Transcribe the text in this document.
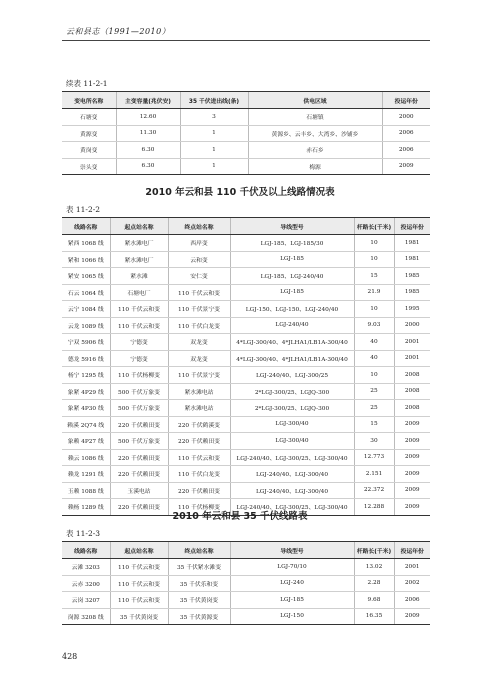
云和县志（1991—2010）
续表 11-2-1
变电所名称	主变容量(兆伏安)	35 千伏进出线(条)	供电区域	投运年份
石塘变	12.60	3	石塘镇	2000
黄源变	11.30	1	黄源乡、云丰乡、大湾乡、沙铺乡	2006
黄岗变	6.30	1	赤石乡	2006
崇头变	6.30	1	梅源	2009
2010 年云和县 110 千伏及以上线路情况表
表 11-2-2
线路名称	起点站名称	终点站名称	导线型号	杆路长(千米)	投运年份
紧西 1068 线	紧水滩电厂	西岸变	LGJ-185、LGJ-185/30	10	1981
紧和 1066 线	紧水滩电厂	云和变	LGJ-185	10	1981
紧安 1065 线	紧水滩	安仁变	LGJ-185、LGJ-240/40	15	1985
石云 1064 线	石塘电厂	110 千伏云和变	LGJ-185	21.9	1985
云宁 1084 线	110 千伏云和变	110 千伏景宁变	LGJ-150、LGJ-150、LGJ-240/40	10	1995
云龙 1089 线	110 千伏云和变	110 千伏白龙变	LGJ-240/40	9.03	2000
宁双 5906 线	宁德变	双龙变	4*LGJ-300/40、4*JLHA1/LB1A-300/40	40	2001
德龙 5916 线	宁德变	双龙变	4*LGJ-300/40、4*JLHA1/LB1A-300/40	40	2001
杨宁 1295 线	110 千伏杨柳变	110 千伏景宁变	LGJ-240/40、LGJ-300/25	10	2008
象紧 4P29 线	500 千伏万象变	紧水滩电站	2*LGJ-300/25、LGJQ-300	25	2008
象紧 4P30 线	500 千伏万象变	紧水滩电站	2*LGJ-300/25、LGJQ-300	25	2008
赖溪 2Q74 线	220 千伏赖田变	220 千伏鹤溪变	LGJ-300/40	15	2009
象赖 4P27 线	500 千伏万象变	220 千伏赖田变	LGJ-300/40	30	2009
赖云 1086 线	220 千伏赖田变	110 千伏云和变	LGJ-240/40、LGJ-300/25、LGJ-300/40	12.773	2009
赖龙 1291 线	220 千伏赖田变	110 千伏白龙变	LGJ-240/40、LGJ-300/40	2.151	2009
玉赖 1088 线	玉溪电站	220 千伏赖田变	LGJ-240/40、LGJ-300/40	22.372	2009
赖杨 1289 线	220 千伏赖田变	110 千伏杨柳变	LGJ-240/40、LGJ-300/25、LGJ-300/40	12.288	2009
2010 年云和县 35 千伏线路表
表 11-2-3
线路名称	起点站名称	终点站名称	导线型号	杆路长(千米)	投运年份
云滩 3203	110 千伏云和变	35 千伏紧水滩变	LGJ-70/10	13.02	2001
云赤 3200	110 千伏云和变	35 千伏乐和变	LGJ-240	2.28	2002
云岗 3207	110 千伏云和变	35 千伏黄岗变	LGJ-185	9.68	2006
岗源 3208 线	35 千伏黄岗变	35 千伏黄源变	LGJ-150	16.35	2009
428
